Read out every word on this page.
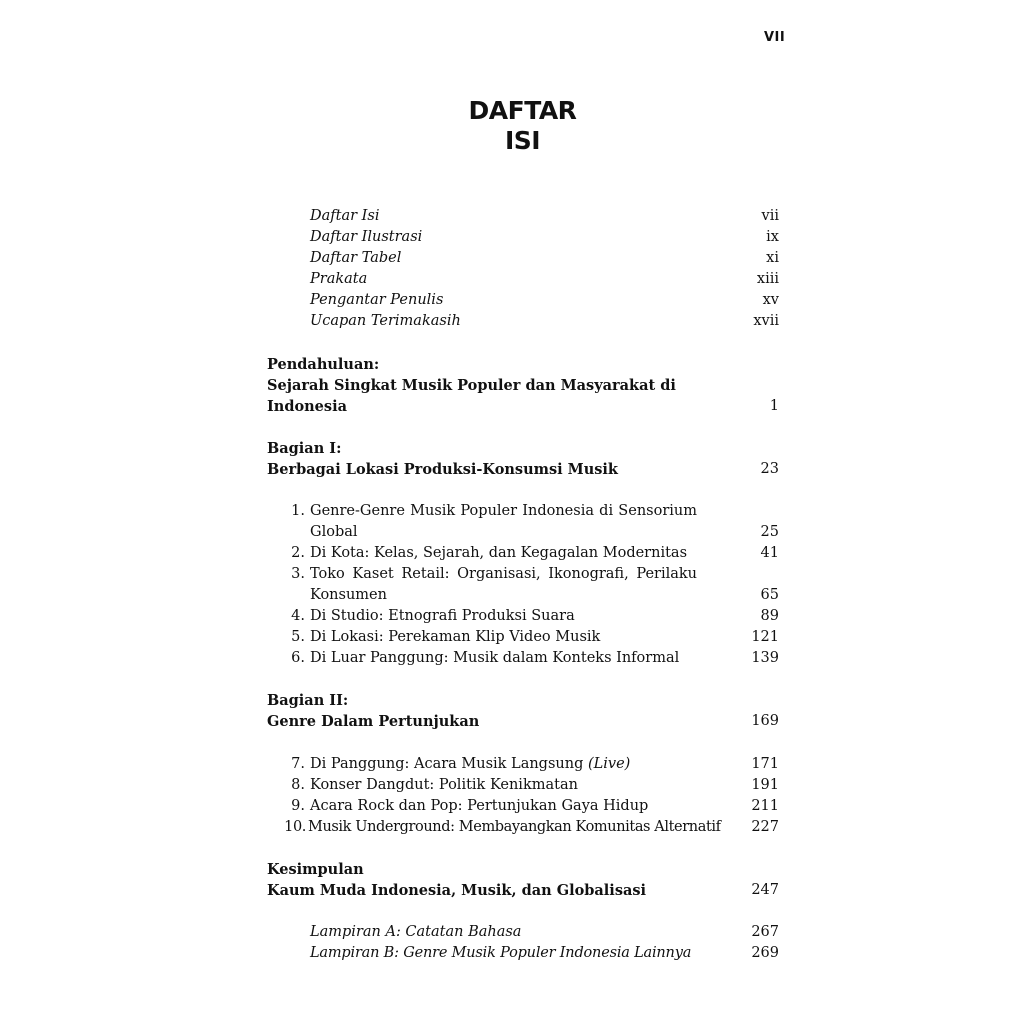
VII
DAFTAR
ISI
Daftar Isi	vii
Daftar Ilustrasi	ix
Daftar Tabel	xi
Prakata	xiii
Pengantar Penulis	xv
Ucapan Terimakasih	xvii
Pendahuluan:
Sejarah Singkat Musik Populer dan Masyarakat di
Indonesia	1
Bagian I:
Berbagai Lokasi Produksi-Konsumsi Musik	23
1. Genre-Genre Musik Populer Indonesia di Sensorium
Global	25
2. Di Kota: Kelas, Sejarah, dan Kegagalan Modernitas	41
3. Toko Kaset Retail: Organisasi, Ikonografi, Perilaku
Konsumen	65
4. Di Studio: Etnografi Produksi Suara	89
5. Di Lokasi: Perekaman Klip Video Musik	121
6. Di Luar Panggung: Musik dalam Konteks Informal	139
Bagian II:
Genre Dalam Pertunjukan	169
7. Di Panggung: Acara Musik Langsung (Live)	171
8. Konser Dangdut: Politik Kenikmatan	191
9. Acara Rock dan Pop: Pertunjukan Gaya Hidup	211
10. Musik Underground: Membayangkan Komunitas Alternatif 227
Kesimpulan
Kaum Muda Indonesia, Musik, dan Globalisasi	247
Lampiran A: Catatan Bahasa	267
Lampiran B: Genre Musik Populer Indonesia Lainnya	269
